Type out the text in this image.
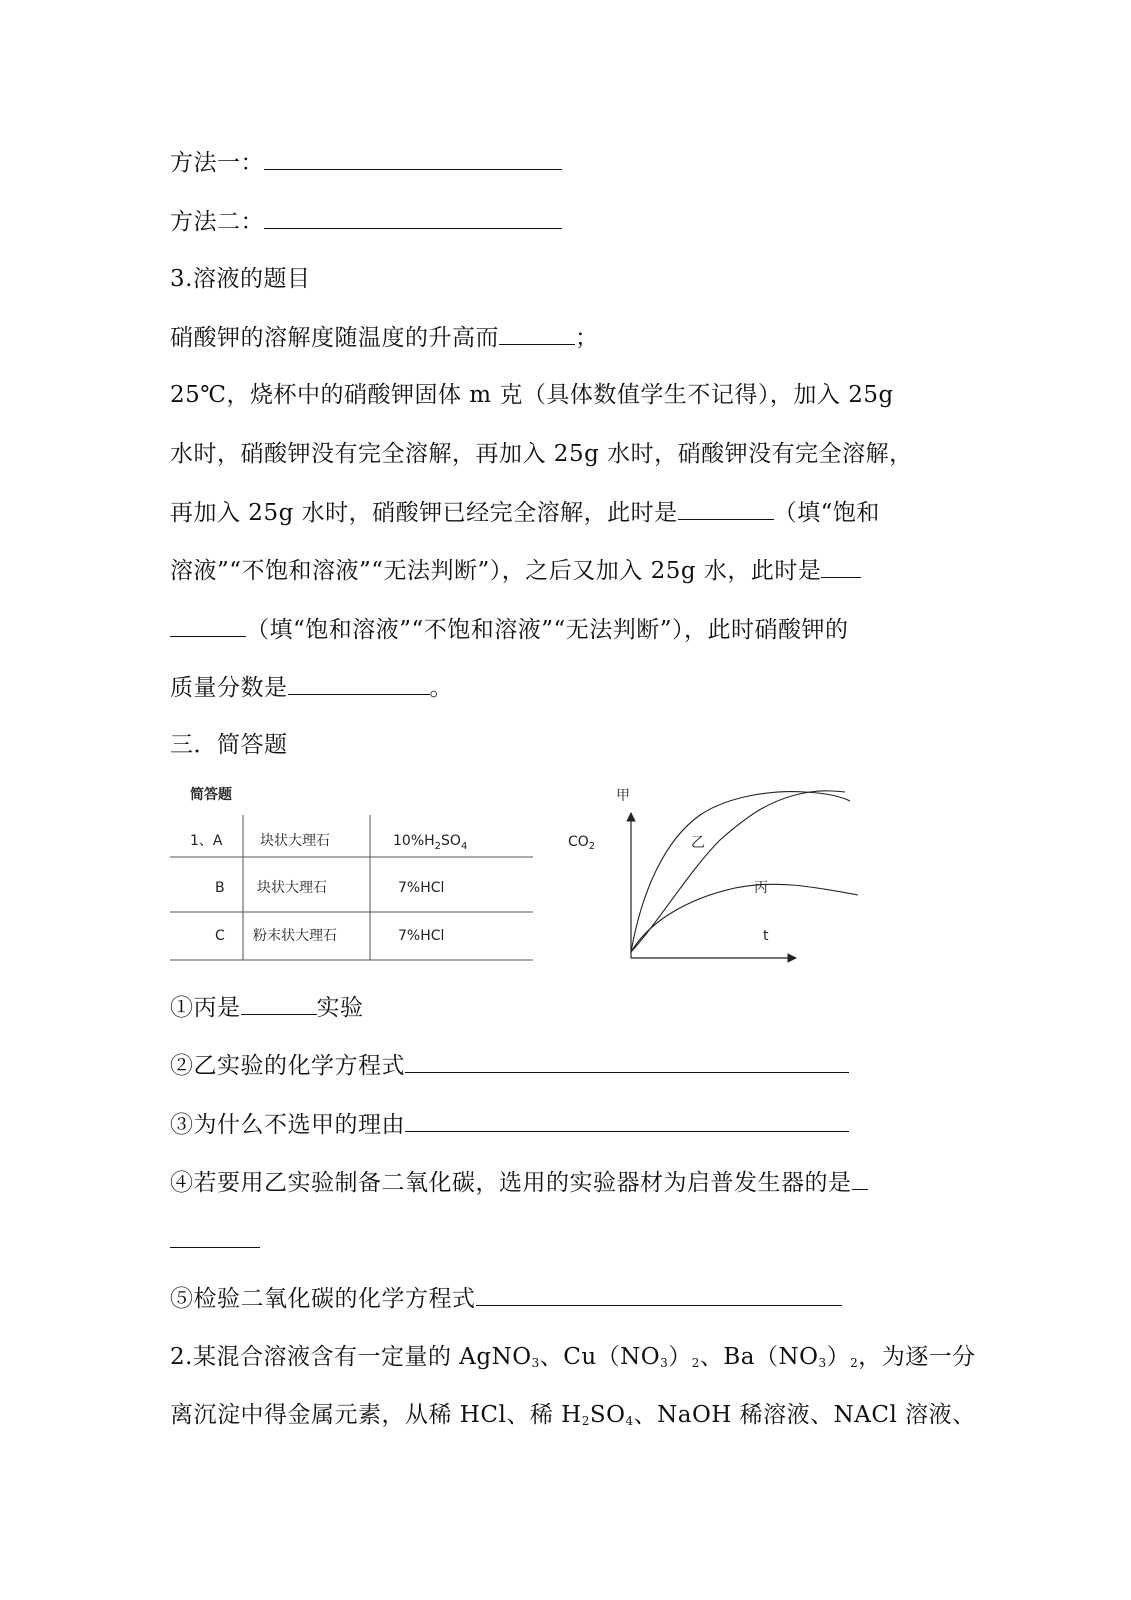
方法一：
方法二：
3.溶液的题目
硝酸钾的溶解度随温度的升高而	；
25℃，烧杯中的硝酸钾固体 m 克（具体数值学生不记得），加入 25g
水时，硝酸钾没有完全溶解，再加入 25g 水时，硝酸钾没有完全溶解，
再加入 25g 水时，硝酸钾已经完全溶解，此时是	（填“饱和
溶液”“不饱和溶液”“无法判断”），之后又加入 25g 水，此时是
（填“饱和溶液”“不饱和溶液”“无法判断”），此时硝酸钾的
质量分数是	。
三．简答题
简答题
1、A	块状大理石	$10\%H_2SO_4$
B 块状大理石	7%HCl
C 粉末状大理石	7%HCl
$CO_2$
t
甲
乙
丙
①丙是	实验
②乙实验的化学方程式
③为什么不选甲的理由
④若要用乙实验制备二氧化碳，选用的实验器材为启普发生器的是
⑤检验二氧化碳的化学方程式
2.某混合溶液含有一定量的 AgNO$_3$、$Cu(NO_3)_2$、$Ba(NO_3)_2$，为逐一分
离沉淀中得金属元素，从稀 HCl、稀 $H_2SO_4$、NaOH 稀溶液、NACl 溶液、
